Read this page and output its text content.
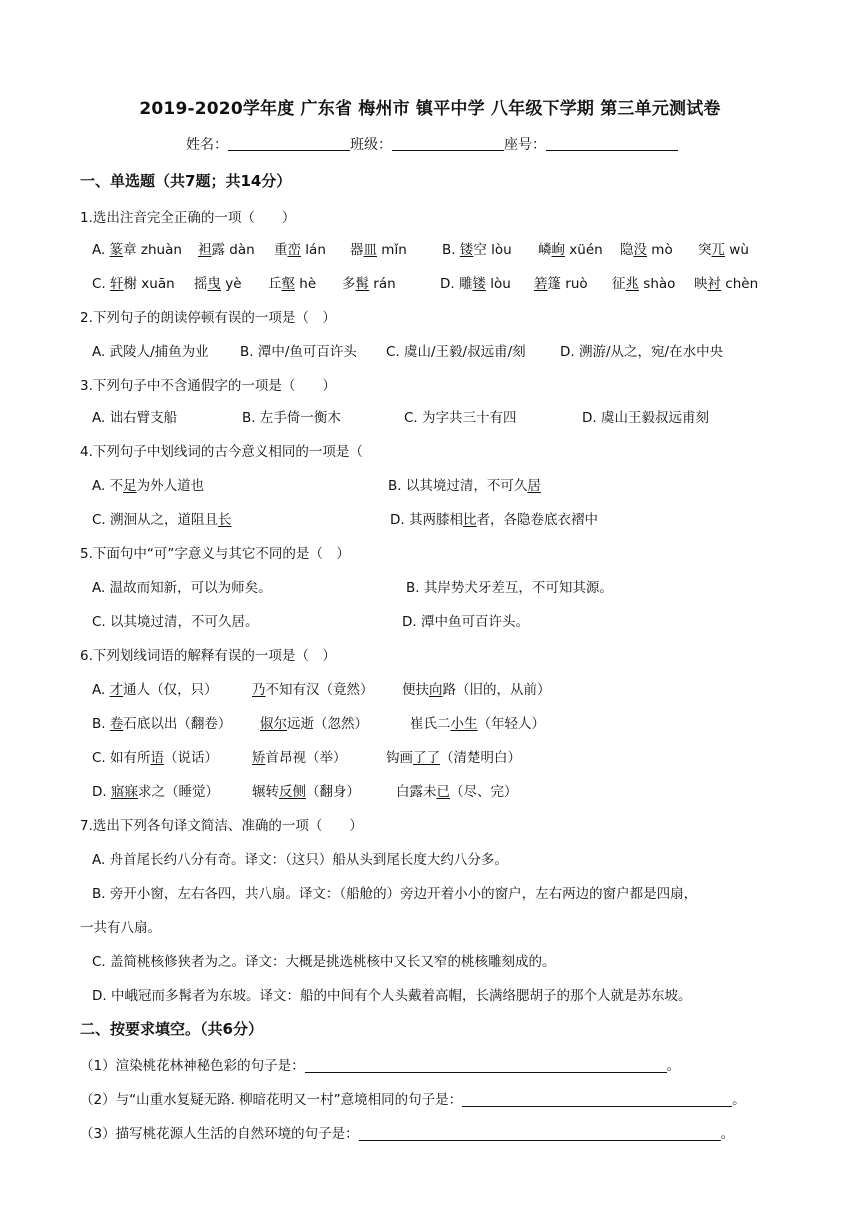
2019-2020学年度 广东省 梅州市 镇平中学 八年级下学期 第三单元测试卷
姓名：	班级：	座号：
一、单选题（共7题；共14分）
1.选出注音完全正确的一项（　　）
A. 篆章 zhuàn 袒露 dàn 重峦 lán 器皿 mǐn	B. 镂空 lòu 嶙峋 xüén 隐没 mò 突兀 wù
C. 轩榭 xuān 摇曳 yè 丘壑 hè 多髯 rán	D. 雕镂 lòu 箬篷 ruò 征兆 shào 映衬 chèn
2.下列句子的朗读停顿有误的一项是（　）
A. 武陵人/捕鱼为业 B. 潭中/鱼可百许头 C. 虞山/王毅/叔远甫/刻	D. 溯游/从之，宛/在水中央
3.下列句子中不含通假字的一项是（　　）
A. 诎右臂支船	B. 左手倚一衡木	C. 为字共三十有四	D. 虞山王毅叔远甫刻
4.下列句子中划线词的古今意义相同的一项是（
A. 不足为外人道也	B. 以其境过清，不可久居
C. 溯洄从之，道阻且长	D. 其两膝相比者，各隐卷底衣褶中
5.下面句中“可”字意义与其它不同的是（　）
A. 温故而知新，可以为师矣。	B. 其岸势犬牙差互，不可知其源。
C. 以其境过清，不可久居。	D. 潭中鱼可百许头。
6.下列划线词语的解释有误的一项是（　）
A. 才通人（仅，只）	乃不知有汉（竟然） 便扶向路（旧的，从前）
B. 卷石底以出（翻卷） 俶尔远逝（忽然）	崔氏二小生（年轻人）
C. 如有所语（说话）	矫首昂视（举）	钩画了了（清楚明白）
D. 寤寐求之（睡觉） 辗转反侧（翻身）	白露未已（尽、完）
7.选出下列各句译文简洁、准确的一项（　　）
A. 舟首尾长约八分有奇。译文：（这只）船从头到尾长度大约八分多。
B. 旁开小窗，左右各四，共八扇。译文：（船舱的）旁边开着小小的窗户，左右两边的窗户都是四扇，
一共有八扇。
C. 盖简桃核修狭者为之。译文：大概是挑选桃核中又长又窄的桃核雕刻成的。
D. 中峨冠而多髯者为东坡。译文：船的中间有个人头戴着高帽，长满络腮胡子的那个人就是苏东坡。
二、按要求填空。（共6分）
（1）渲染桃花林神秘色彩的句子是：	。
（2）与“山重水复疑无路. 柳暗花明又一村”意境相同的句子是：	。
（3）描写桃花源人生活的自然环境的句子是：	。
